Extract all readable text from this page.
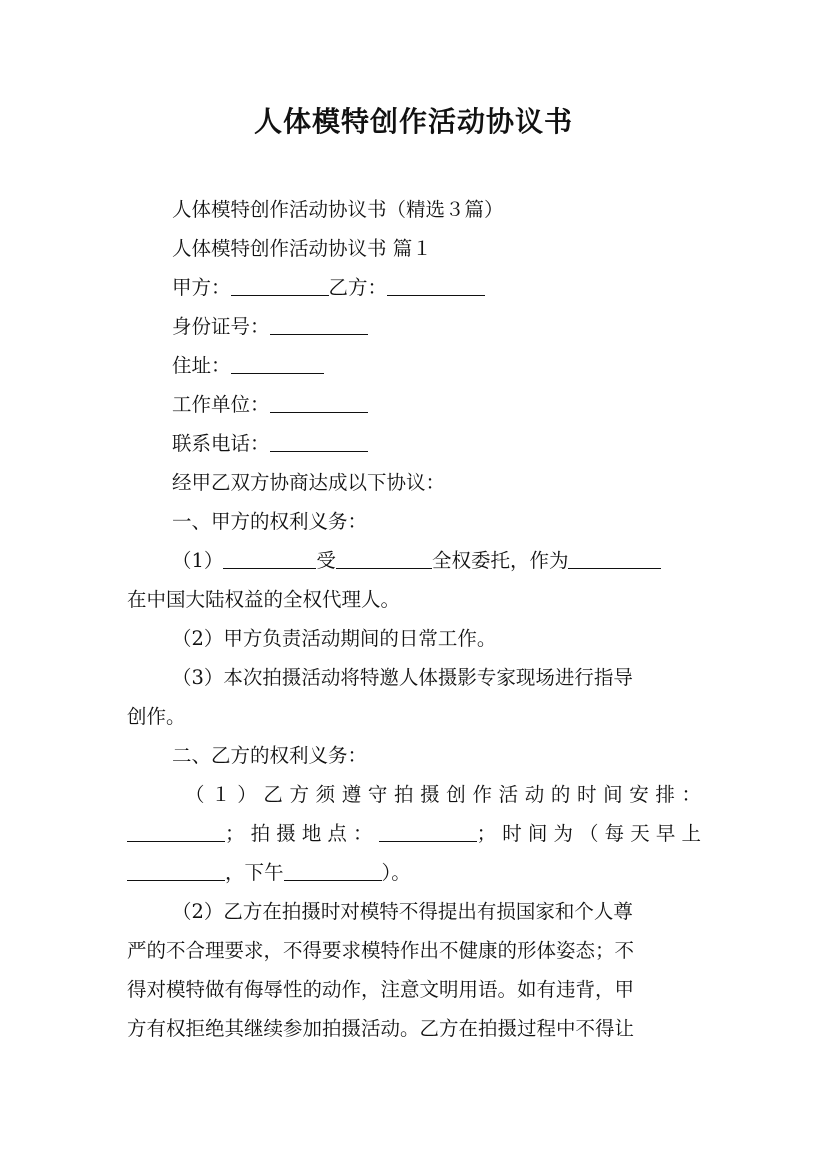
人体模特创作活动协议书
人体模特创作活动协议书（精选３篇）
人体模特创作活动协议书 篇１
甲方：	乙方：
身份证号：
住址：
工作单位：
联系电话：
经甲乙双方协商达成以下协议：
一、甲方的权利义务：
（1）	受	全权委托，作为
在中国大陆权益的全权代理人。
（2）甲方负责活动期间的日常工作。
（3）本次拍摄活动将特邀人体摄影专家现场进行指导
创作。
二、乙方的权利义务：
（１）乙方须遵守拍摄创作活动的时间安排：
；拍摄地点：	；时间为（每天早上
，下午	）。
（2）乙方在拍摄时对模特不得提出有损国家和个人尊
严的不合理要求，不得要求模特作出不健康的形体姿态；不
得对模特做有侮辱性的动作，注意文明用语。如有违背，甲
方有权拒绝其继续参加拍摄活动。乙方在拍摄过程中不得让
